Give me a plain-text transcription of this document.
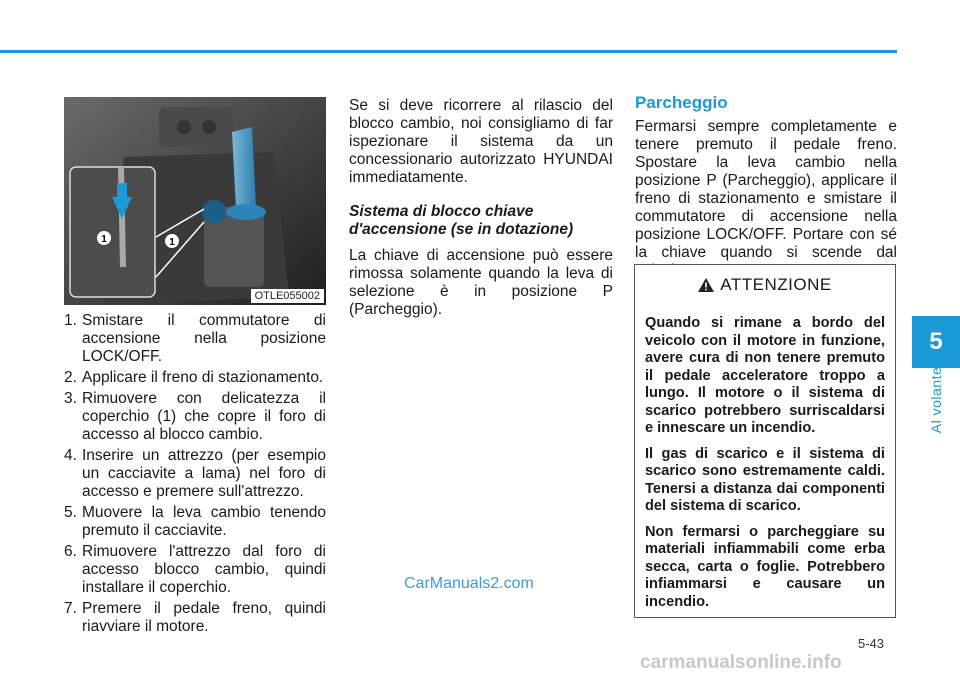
1	1
OTLE055002
1. Smistare il commutatore di accensione nella posizione LOCK/OFF.
2. Applicare il freno di stazionamento.
3. Rimuovere con delicatezza il coperchio (1) che copre il foro di accesso al blocco cambio.
4. Inserire un attrezzo (per esempio un cacciavite a lama) nel foro di accesso e premere sull'attrezzo.
5. Muovere la leva cambio tenendo premuto il cacciavite.
6. Rimuovere l'attrezzo dal foro di accesso blocco cambio, quindi installare il coperchio.
7. Premere il pedale freno, quindi riavviare il motore.

Se si deve ricorrere al rilascio del blocco cambio, noi consigliamo di far ispezionare il sistema da un concessionario autorizzato HYUNDAI immediatamente.

Sistema di blocco chiave d'accensione (se in dotazione)

La chiave di accensione può essere rimossa solamente quando la leva di selezione è in posizione P (Parcheggio).

Parcheggio

Fermarsi sempre completamente e tenere premuto il pedale freno. Spostare la leva cambio nella posizione P (Parcheggio), applicare il freno di stazionamento e smistare il commutatore di accensione nella posizione LOCK/OFF. Portare con sé la chiave quando si scende dal

ATTENZIONE

Quando si rimane a bordo del veicolo con il motore in funzione, avere cura di non tenere premuto il pedale acceleratore troppo a lungo. Il motore o il sistema di scarico potrebbero surriscaldarsi e innescare un incendio.

Il gas di scarico e il sistema di scarico sono estremamente caldi. Tenersi a distanza dai componenti del sistema di scarico.

Non fermarsi o parcheggiare su materiali infiammabili come erba secca, carta o foglie. Potrebbero infiammarsi e causare un incendio.

5
Al volante
5-43
CarManuals2.com
carmanualsonline.info
